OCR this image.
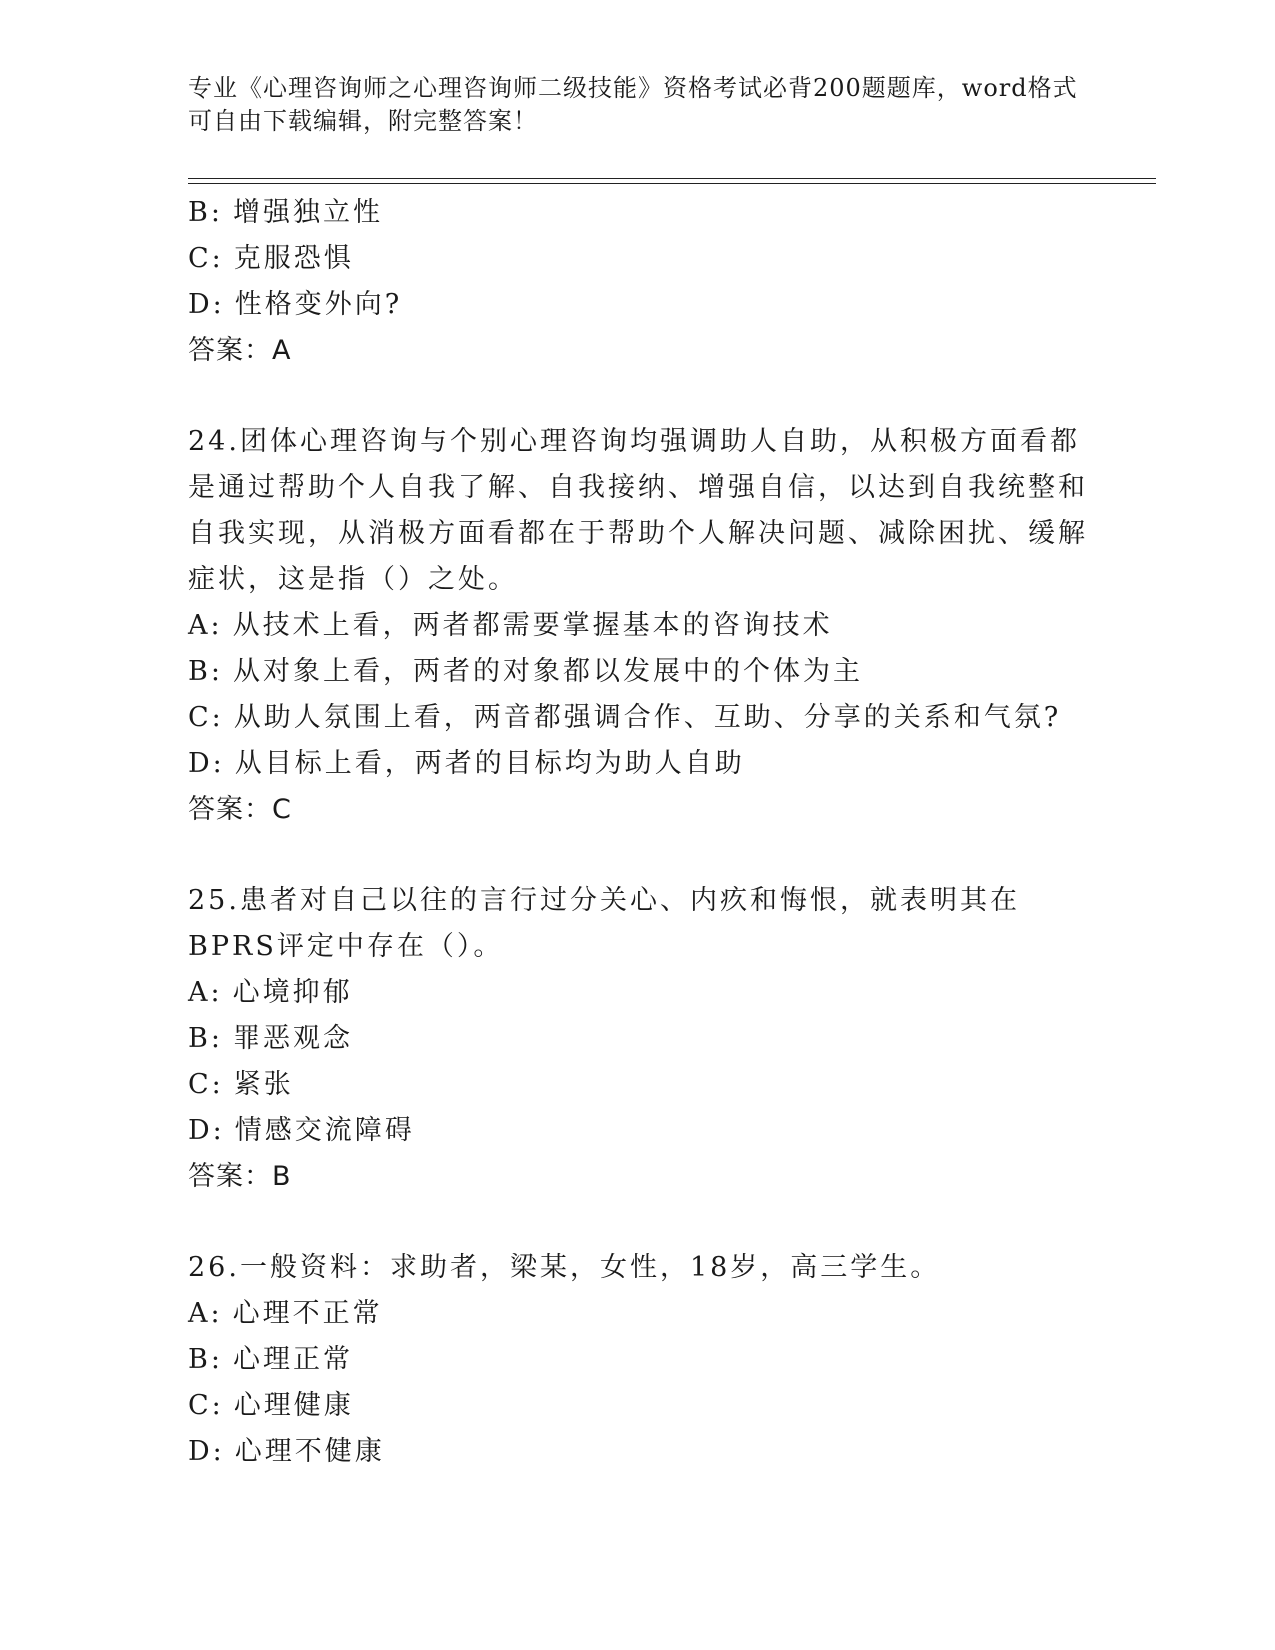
专业《心理咨询师之心理咨询师二级技能》资格考试必背200题题库，word格式
可自由下载编辑，附完整答案！
B: 增强独立性
C: 克服恐惧
D: 性格变外向?
答案：A
24.团体心理咨询与个别心理咨询均强调助人自助，从积极方面看都是通过帮助个人自我了解、自我接纳、增强自信，以达到自我统整和自我实现，从消极方面看都在于帮助个人解决问题、减除困扰、缓解症状，这是指（）之处。
A: 从技术上看，两者都需要掌握基本的咨询技术
B: 从对象上看，两者的对象都以发展中的个体为主
C: 从助人氛围上看，两音都强调合作、互助、分享的关系和气氛?
D: 从目标上看，两者的目标均为助人自助
答案：C
25.患者对自己以往的言行过分关心、内疚和悔恨，就表明其在BPRS评定中存在（）。
A: 心境抑郁
B: 罪恶观念
C: 紧张
D: 情感交流障碍
答案：B
26.一般资料：求助者，梁某，女性，18岁，高三学生。
A: 心理不正常
B: 心理正常
C: 心理健康
D: 心理不健康
